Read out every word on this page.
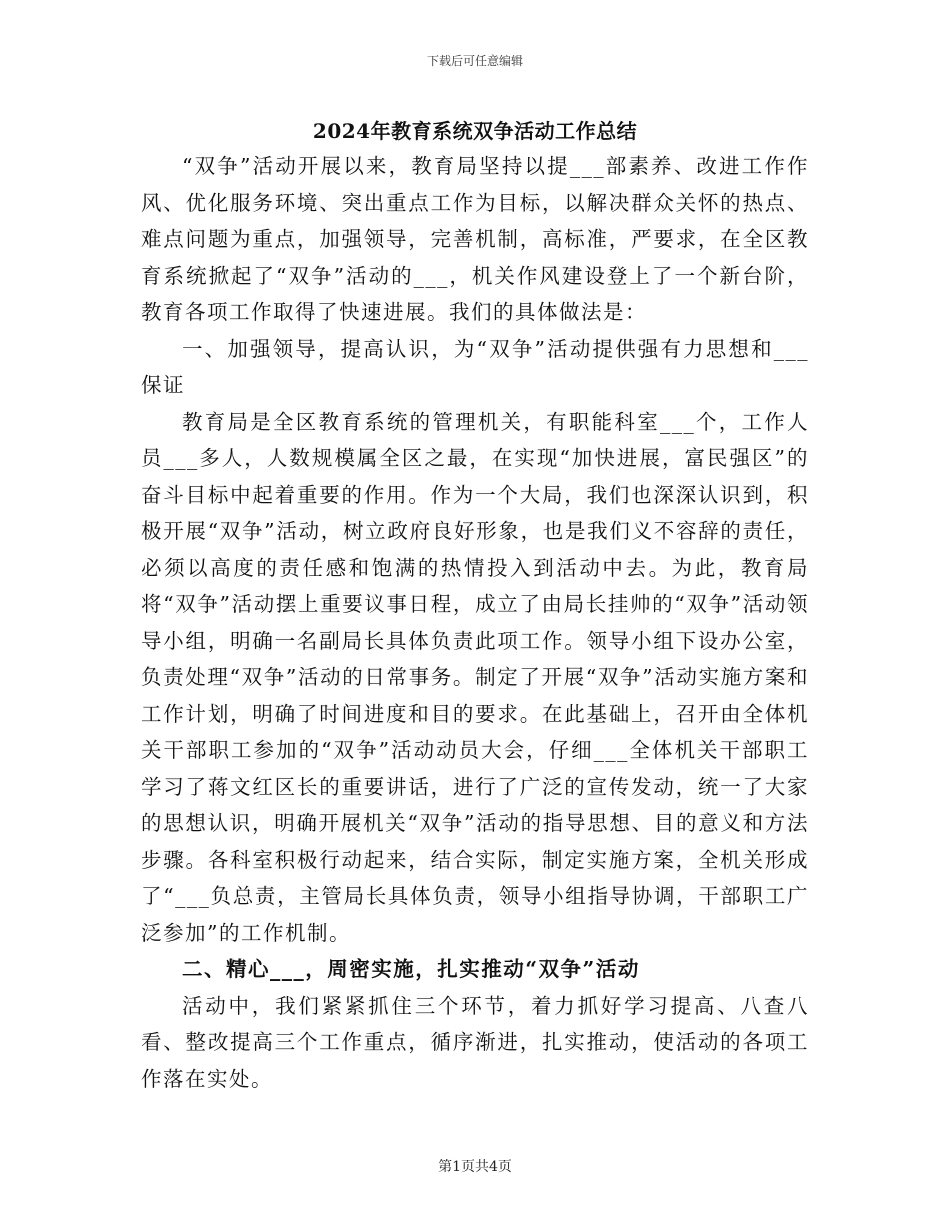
下载后可任意编辑
2024年教育系统双争活动工作总结

“双争”活动开展以来，教育局坚持以提___部素养、改进工作作风、优化服务环境、突出重点工作为目标，以解决群众关怀的热点、难点问题为重点，加强领导，完善机制，高标准，严要求，在全区教育系统掀起了“双争”活动的___，机关作风建设登上了一个新台阶，教育各项工作取得了快速进展。我们的具体做法是：

一、加强领导，提高认识，为“双争”活动提供强有力思想和___保证

教育局是全区教育系统的管理机关，有职能科室___个，工作人员___多人，人数规模属全区之最，在实现“加快进展，富民强区”的奋斗目标中起着重要的作用。作为一个大局，我们也深深认识到，积极开展“双争”活动，树立政府良好形象，也是我们义不容辞的责任，必须以高度的责任感和饱满的热情投入到活动中去。为此，教育局将“双争”活动摆上重要议事日程，成立了由局长挂帅的“双争”活动领导小组，明确一名副局长具体负责此项工作。领导小组下设办公室，负责处理“双争”活动的日常事务。制定了开展“双争”活动实施方案和工作计划，明确了时间进度和目的要求。在此基础上，召开由全体机关干部职工参加的“双争”活动动员大会，仔细___全体机关干部职工学习了蒋文红区长的重要讲话，进行了广泛的宣传发动，统一了大家的思想认识，明确开展机关“双争”活动的指导思想、目的意义和方法步骤。各科室积极行动起来，结合实际，制定实施方案，全机关形成了“___负总责，主管局长具体负责，领导小组指导协调，干部职工广泛参加”的工作机制。

二、精心___，周密实施，扎实推动“双争”活动

活动中，我们紧紧抓住三个环节，着力抓好学习提高、八查八看、整改提高三个工作重点，循序渐进，扎实推动，使活动的各项工作落在实处。

第1页共4页
